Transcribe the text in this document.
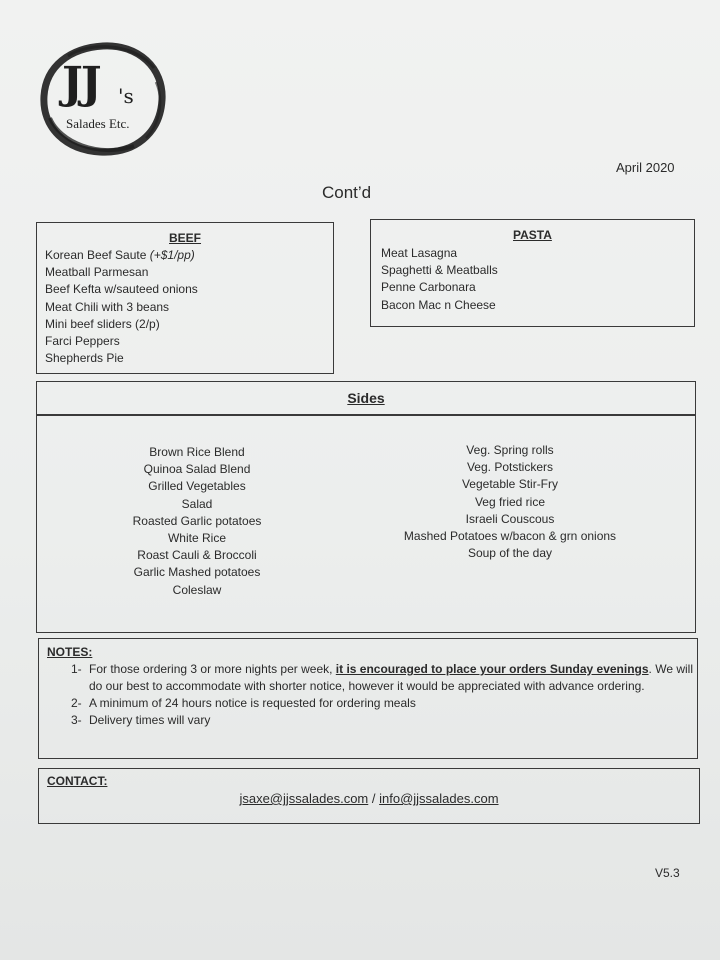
JJ 's
Salades Etc.
April 2020
Cont’d
BEEF
Korean Beef Saute (+$1/pp)
Meatball Parmesan
Beef Kefta w/sauteed onions
Meat Chili with 3 beans
Mini beef sliders (2/p)
Farci Peppers
Shepherds Pie
PASTA
Meat Lasagna
Spaghetti & Meatballs
Penne Carbonara
Bacon Mac n Cheese
Sides
Brown Rice Blend
Quinoa Salad Blend
Grilled Vegetables
Salad
Roasted Garlic potatoes
White Rice
Roast Cauli & Broccoli
Garlic Mashed potatoes
Coleslaw
Veg. Spring rolls
Veg. Potstickers
Vegetable Stir-Fry
Veg fried rice
Israeli Couscous
Mashed Potatoes w/bacon & grn onions
Soup of the day
NOTES:
1- For those ordering 3 or more nights per week, it is encouraged to place your orders Sunday evenings. We will
do our best to accommodate with shorter notice, however it would be appreciated with advance ordering.
2- A minimum of 24 hours notice is requested for ordering meals
3- Delivery times will vary
CONTACT:
jsaxe@jjssalades.com / info@jjssalades.com
V5.3
